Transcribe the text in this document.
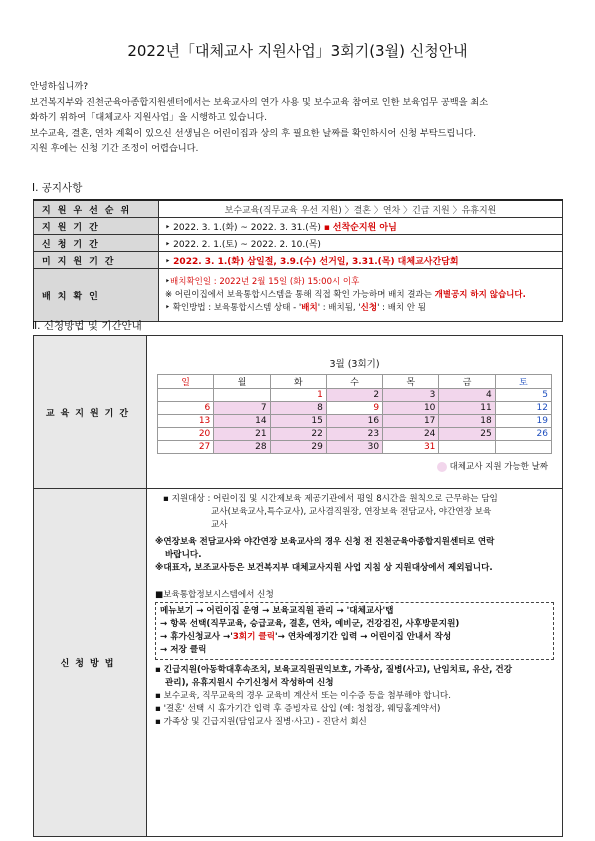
2022년「대체교사 지원사업」3회기(3월) 신청안내
안녕하십니까?
보건복지부와 진천군육아종합지원센터에서는 보육교사의 연가 사용 및 보수교육 참여로 인한 보육업무 공백을 최소
화하기 위하여「대체교사 지원사업」을 시행하고 있습니다.
보수교육, 결혼, 연차 계획이 있으신 선생님은 어린이집과 상의 후 필요한 날짜를 확인하시어 신청 부탁드립니다.
지원 후에는 신청 기간 조정이 어렵습니다.
Ⅰ. 공지사항
지원우선순위	보수교육(직무교육 우선 지원) 〉결혼 〉연차 〉긴급 지원 〉유휴지원
지원기간	‣ 2022. 3. 1.(화) ~ 2022. 3. 31.(목) ▪ 선착순지원 아님
신청기간	‣ 2022. 2. 1.(토) ~ 2022. 2. 10.(목)
미지원기간	‣ 2022. 3. 1.(화) 삼일절, 3.9.(수) 선거일, 3.31.(목) 대체교사간담회
배치확인	‣배치확인일 : 2022년 2월 15일 (화) 15:00시 이후
※ 어린이집에서 보육통합시스템을 통해 직접 확인 가능하며 배치 결과는 개별공지 하지 않습니다.
‣ 확인방법 : 보육통합시스템 상태 - '배치' : 배치됨, '신청' : 배치 안 됨
Ⅱ. 신청방법 및 기간안내
교육지원기간	
3월 (3회기)
일	월	화	수	목	금	토
		1	2	3	4	5
6	7	8	9	10	11	12
13	14	15	16	17	18	19
20	21	22	23	24	25	26
27	28	29	30	31		
대체교사 지원 가능한 날짜

신청방법	
▪ 지원대상 : 어린이집 및 시간제보육 제공기관에서 평일 8시간을 원칙으로 근무하는 담임
교사(보육교사,특수교사), 교사겸직원장, 연장보육 전담교사, 야간연장 보육
교사
※연장보육 전담교사와 야간연장 보육교사의 경우 신청 전 진천군육아종합지원센터로 연락
바랍니다.
※대표자, 보조교사등은 보건복지부 대체교사지원 사업 지침 상 지원대상에서 제외됩니다.
■보육통합정보시스템에서 신청
메뉴보기 → 어린이집 운영 → 보육교직원 관리 → '대체교사'탭
→ 항목 선택(직무교육, 승급교육, 결혼, 연차, 예비군, 건강검진, 사후방문지원)
→ 휴가신청교사 →'3회기 클릭'→ 연차예정기간 입력 → 어린이집 안내서 작성
→ 저장 클릭
▪ 긴급지원(아동학대후속조치, 보육교직원권익보호, 가족상, 질병(사고), 난임치료, 유산, 건강
관리), 유휴지원시 수기신청서 작성하여 신청
▪ 보수교육, 직무교육의 경우 교육비 계산서 또는 이수증 등을 첨부해야 합니다.
▪ '결혼' 선택 시 휴가기간 입력 후 증빙자료 삽입 (예: 청첩장, 웨딩홀계약서)
▪ 가족상 및 긴급지원(담임교사 질병·사고) - 진단서 회신
